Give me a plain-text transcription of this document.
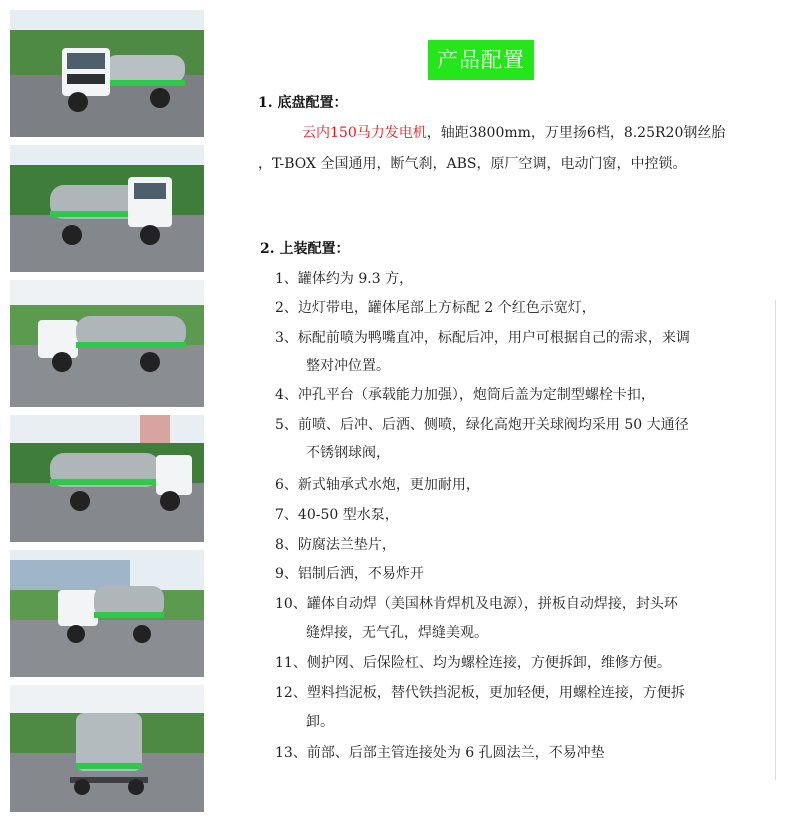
产品配置
1. 底盘配置：
云内150马力发电机，轴距3800mm，万里扬6档，8.25R20钢丝胎
，T-BOX 全国通用，断气刹，ABS，原厂空调，电动门窗，中控锁。
2. 上装配置：
1、罐体约为 9.3 方，
2、边灯带电，罐体尾部上方标配 2 个红色示宽灯，
3、标配前喷为鸭嘴直冲，标配后冲，用户可根据自己的需求，来调
整对冲位置。
4、冲孔平台（承载能力加强），炮筒后盖为定制型螺栓卡扣，
5、前喷、后冲、后洒、侧喷，绿化高炮开关球阀均采用 50 大通径
不锈钢球阀，
6、新式轴承式水炮，更加耐用，
7、40-50 型水泵，
8、防腐法兰垫片，
9、铝制后洒，不易炸开
10、罐体自动焊（美国林肯焊机及电源），拼板自动焊接，封头环
缝焊接，无气孔，焊缝美观。
11、侧护网、后保险杠、均为螺栓连接，方便拆卸，维修方便。
12、塑料挡泥板，替代铁挡泥板，更加轻便，用螺栓连接，方便拆
卸。
13、前部、后部主管连接处为 6 孔圆法兰，不易冲垫
